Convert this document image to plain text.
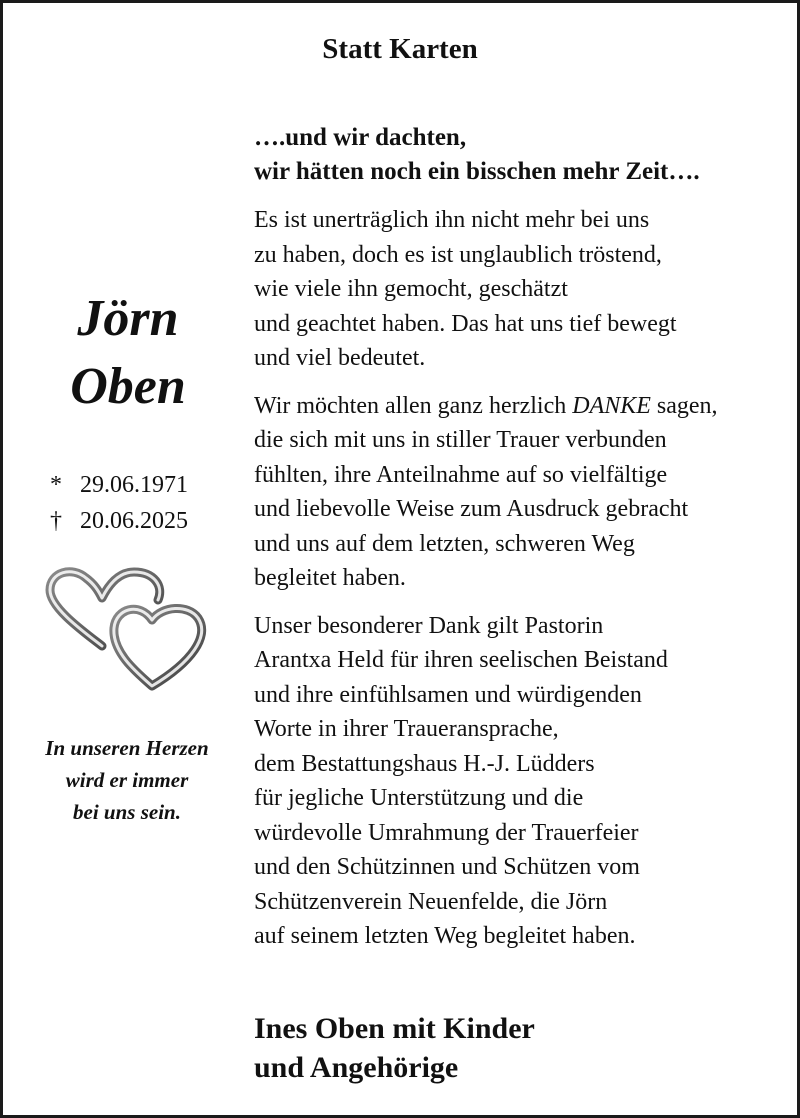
Statt Karten
Jörn
Oben
* 29.06.1971
† 20.06.2025
In unseren Herzen
wird er immer
bei uns sein.

….und wir dachten,
wir hätten noch ein bisschen mehr Zeit….

Es ist unerträglich ihn nicht mehr bei uns
zu haben, doch es ist unglaublich tröstend,
wie viele ihn gemocht, geschätzt
und geachtet haben. Das hat uns tief bewegt
und viel bedeutet.

Wir möchten allen ganz herzlich DANKE sagen,
die sich mit uns in stiller Trauer verbunden
fühlten, ihre Anteilnahme auf so vielfältige
und liebevolle Weise zum Ausdruck gebracht
und uns auf dem letzten, schweren Weg
begleitet haben.

Unser besonderer Dank gilt Pastorin
Arantxa Held für ihren seelischen Beistand
und ihre einfühlsamen und würdigenden
Worte in ihrer Traueransprache,
dem Bestattungshaus H.-J. Lüdders
für jegliche Unterstützung und die
würdevolle Umrahmung der Trauerfeier
und den Schützinnen und Schützen vom
Schützenverein Neuenfelde, die Jörn
auf seinem letzten Weg begleitet haben.

Ines Oben mit Kinder
und Angehörige
